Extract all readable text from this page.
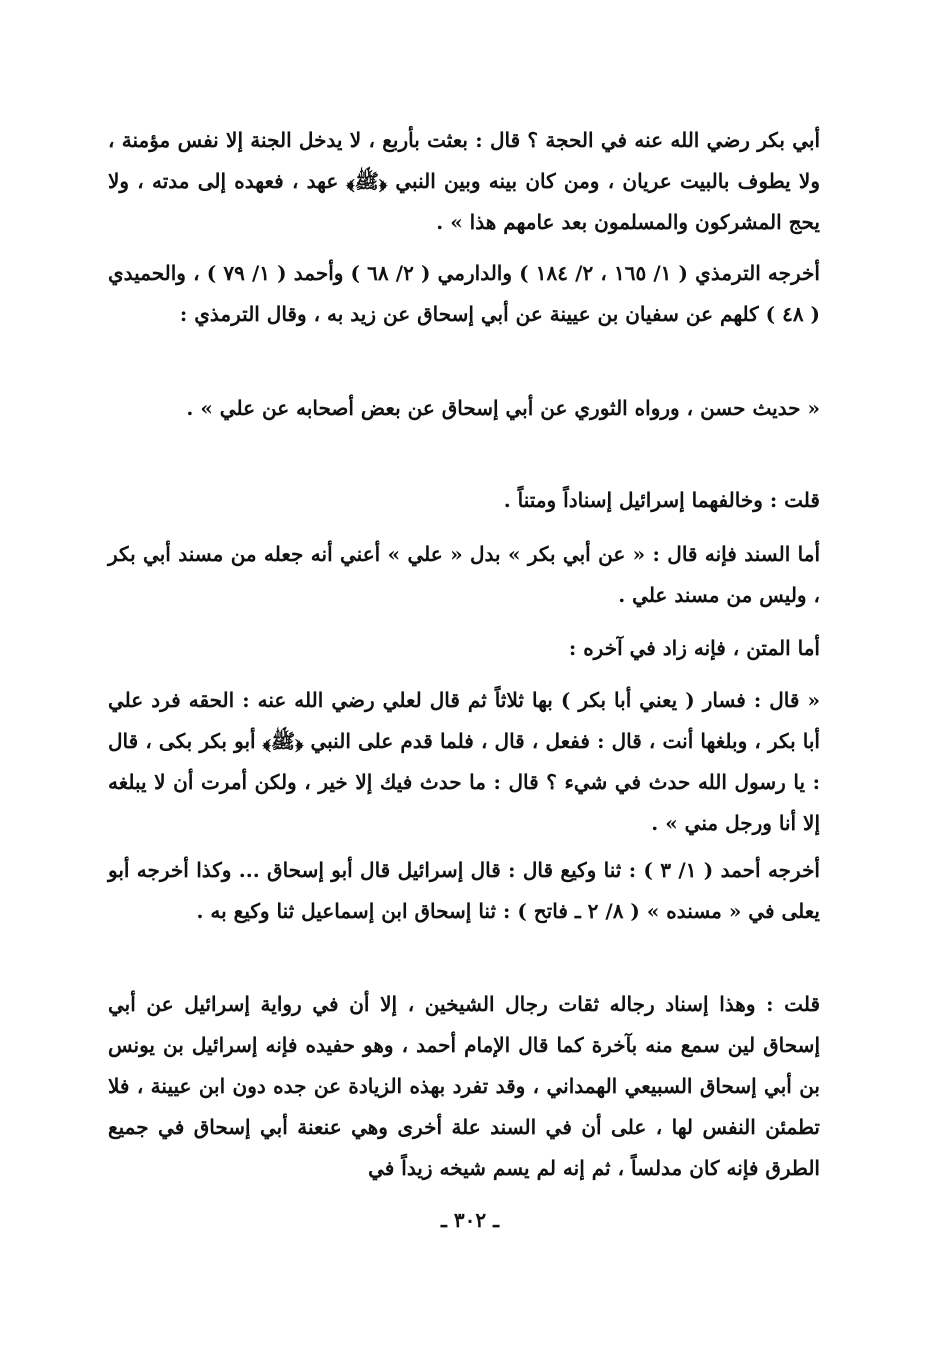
أبي بكر رضي الله عنه في الحجة ؟ قال : بعثت بأربع ، لا يدخل الجنة إلا نفس مؤمنة ، ولا يطوف بالبيت عريان ، ومن كان بينه وبين النبي ﴿ﷺ﴾ عهد ، فعهده إلى مدته ، ولا يحج المشركون والمسلمون بعد عامهم هذا » .

أخرجه الترمذي ( ١/ ١٦٥ ، ٢/ ١٨٤ ) والدارمي ( ٢/ ٦٨ ) وأحمد ( ١/ ٧٩ ) ، والحميدي ( ٤٨ ) كلهم عن سفيان بن عيينة عن أبي إسحاق عن زيد به ، وقال الترمذي :

« حديث حسن ، ورواه الثوري عن أبي إسحاق عن بعض أصحابه عن علي » .

قلت : وخالفهما إسرائيل إسناداً ومتناً .

أما السند فإنه قال : « عن أبي بكر » بدل « علي » أعني أنه جعله من مسند أبي بكر ، وليس من مسند علي .

أما المتن ، فإنه زاد في آخره :

« قال : فسار ( يعني أبا بكر ) بها ثلاثاً ثم قال لعلي رضي الله عنه : الحقه فرد علي أبا بكر ، وبلغها أنت ، قال : ففعل ، قال ، فلما قدم على النبي ﴿ﷺ﴾ أبو بكر بكى ، قال : يا رسول الله حدث في شيء ؟ قال : ما حدث فيك إلا خير ، ولكن أمرت أن لا يبلغه إلا أنا ورجل مني » .

أخرجه أحمد ( ١/ ٣ ) : ثنا وكيع قال : قال إسرائيل قال أبو إسحاق ... وكذا أخرجه أبو يعلى في « مسنده » ( ٨/ ٢ ـ فاتح ) : ثنا إسحاق ابن إسماعيل ثنا وكيع به .

قلت : وهذا إسناد رجاله ثقات رجال الشيخين ، إلا أن في رواية إسرائيل عن أبي إسحاق لين سمع منه بآخرة كما قال الإمام أحمد ، وهو حفيده فإنه إسرائيل بن يونس بن أبي إسحاق السبيعي الهمداني ، وقد تفرد بهذه الزيادة عن جده دون ابن عيينة ، فلا تطمئن النفس لها ، على أن في السند علة أخرى وهي عنعنة أبي إسحاق في جميع الطرق فإنه كان مدلساً ، ثم إنه لم يسم شيخه زيداً في

ـ ٣٠٢ ـ
